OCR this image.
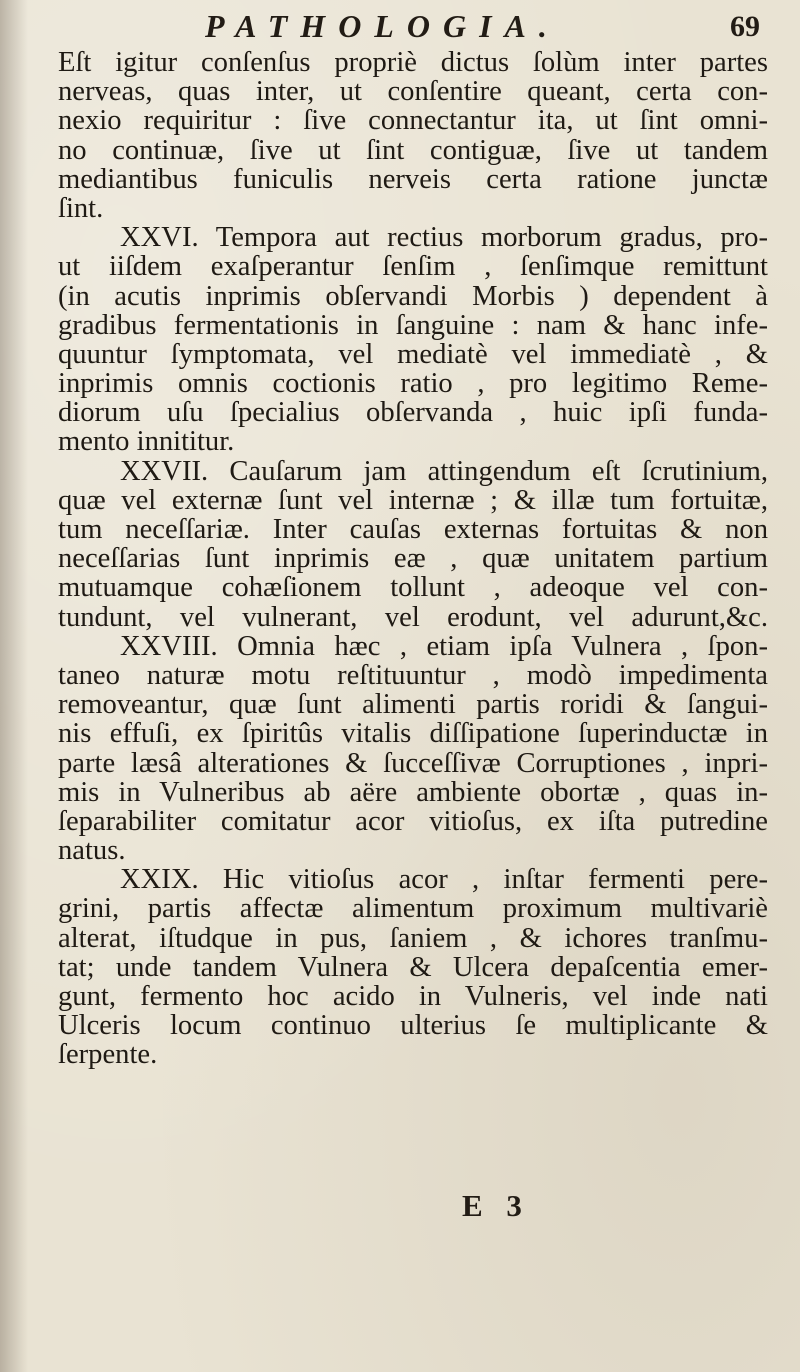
PATHOLOGIA.	69
Eſt igitur conſenſus propriè dictus ſolùm inter partes
nerveas, quas inter, ut conſentire queant, certa con-
nexio requiritur : ſive connectantur ita, ut ſint omni-
no continuæ, ſive ut ſint contiguæ, ſive ut tandem
mediantibus funiculis nerveis certa ratione junctæ
ſint.
XXVI. Tempora aut rectius morborum gradus, pro-
ut iiſdem exaſperantur ſenſim , ſenſimque remittunt
(in acutis inprimis obſervandi Morbis ) dependent à
gradibus fermentationis in ſanguine : nam & hanc infe-
quuntur ſymptomata, vel mediatè vel immediatè , &
inprimis omnis coctionis ratio , pro legitimo Reme-
diorum uſu ſpecialius obſervanda , huic ipſi funda-
mento innititur.
XXVII. Cauſarum jam attingendum eſt ſcrutinium,
quæ vel externæ ſunt vel internæ ; & illæ tum fortuitæ,
tum neceſſariæ. Inter cauſas externas fortuitas & non
neceſſarias ſunt inprimis eæ , quæ unitatem partium
mutuamque cohæſionem tollunt , adeoque vel con-
tundunt, vel vulnerant, vel erodunt, vel adurunt,&c.
XXVIII. Omnia hæc , etiam ipſa Vulnera , ſpon-
taneo naturæ motu reſtituuntur , modò impedimenta
removeantur, quæ ſunt alimenti partis roridi & ſangui-
nis effuſi, ex ſpiritûs vitalis diſſipatione ſuperinductæ in
parte læsâ alterationes & ſucceſſivæ Corruptiones , inpri-
mis in Vulneribus ab aëre ambiente obortæ , quas in-
ſeparabiliter comitatur acor vitioſus, ex iſta putredine
natus.
XXIX. Hic vitioſus acor , inſtar fermenti pere-
grini, partis affectæ alimentum proximum multivariè
alterat, iſtudque in pus, ſaniem , & ichores tranſmu-
tat; unde tandem Vulnera & Ulcera depaſcentia emer-
gunt, fermento hoc acido in Vulneris, vel inde nati
Ulceris locum continuo ulterius ſe multiplicante &
ſerpente.
E 3
